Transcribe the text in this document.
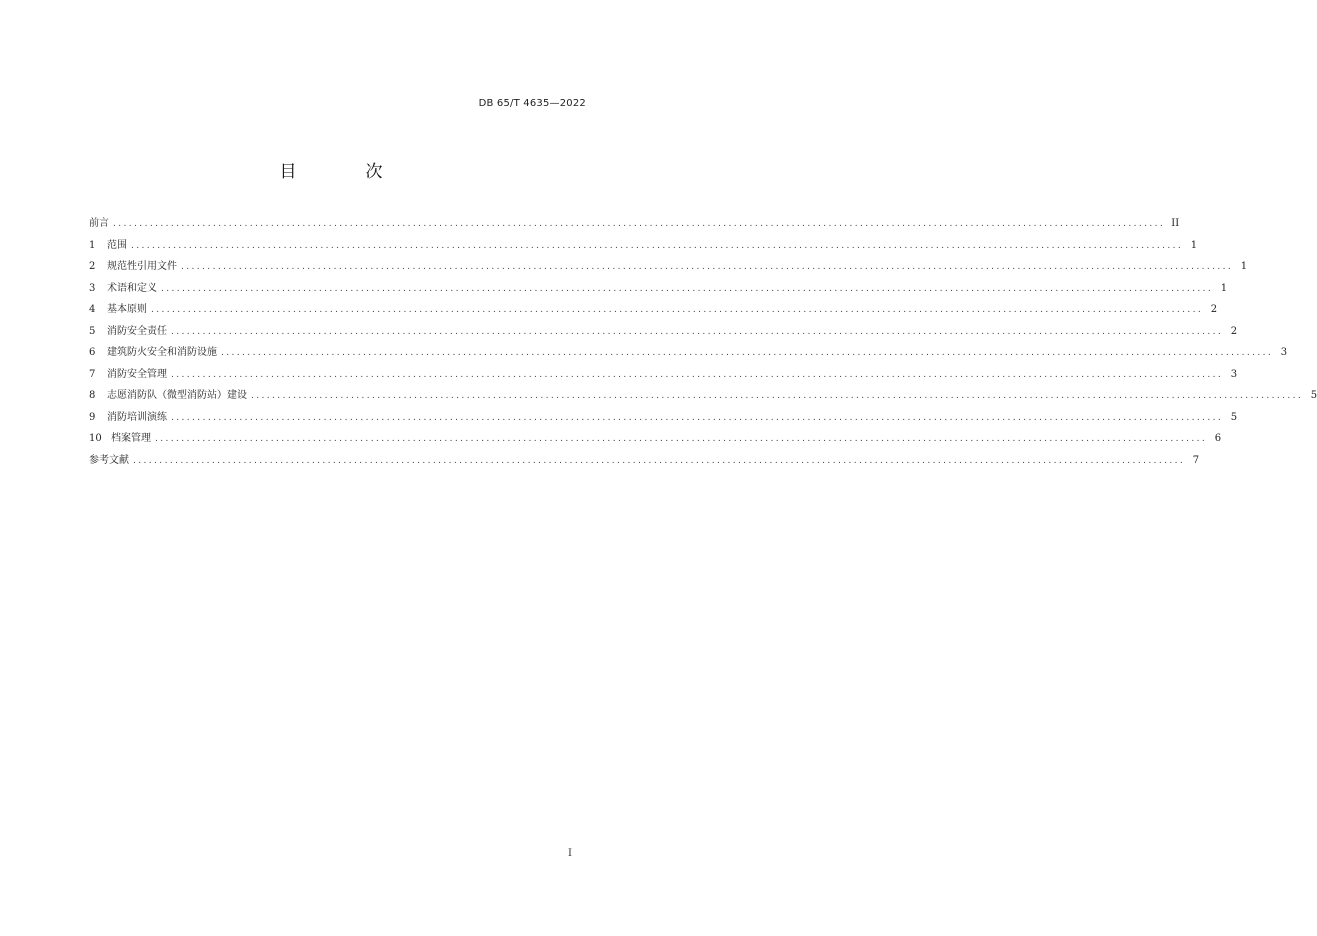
DB 65/T 4635—2022
目　次
前言 ........................................................................................................................................................................................................ II
1	范围 ........................................................................................................................................................................................................ 1
2	规范性引用文件 ........................................................................................................................................................................................................ 1
3	术语和定义 ........................................................................................................................................................................................................ 1
4	基本原则 ........................................................................................................................................................................................................ 2
5	消防安全责任 ........................................................................................................................................................................................................ 2
6	建筑防火安全和消防设施 ........................................................................................................................................................................................................ 3
7	消防安全管理 ........................................................................................................................................................................................................ 3
8	志愿消防队（微型消防站）建设 ........................................................................................................................................................................................................ 5
9	消防培训演练 ........................................................................................................................................................................................................ 5
10 档案管理 ........................................................................................................................................................................................................ 6
参考文献 ........................................................................................................................................................................................................ 7
I
